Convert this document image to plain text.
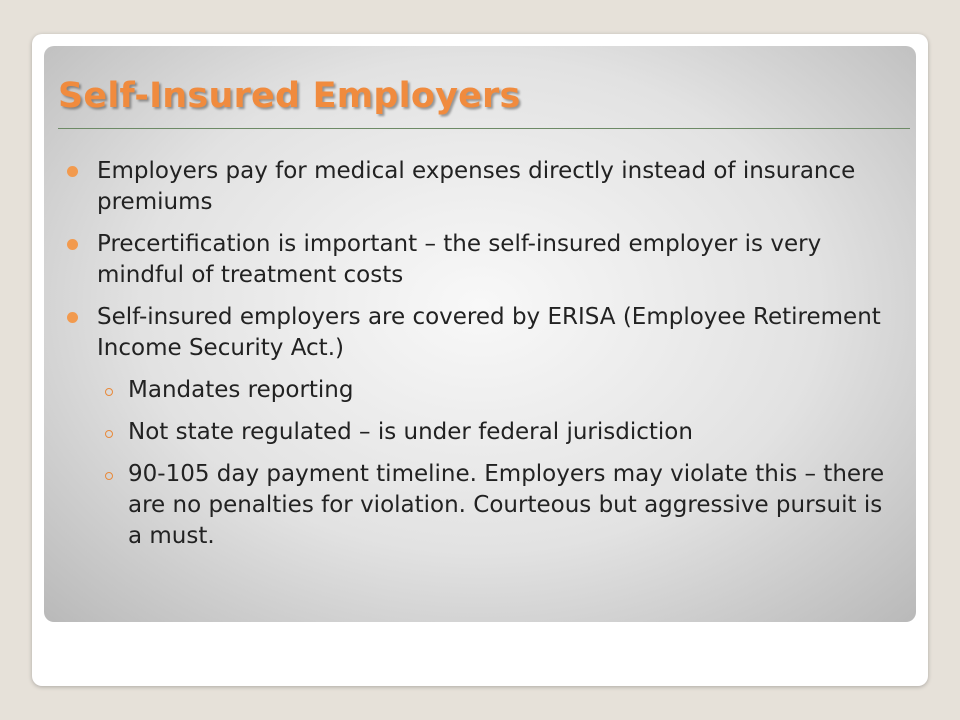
Self-Insured Employers
Employers pay for medical expenses directly instead of insurance premiums
Precertification is important – the self-insured employer is very mindful of treatment costs
Self-insured employers are covered by ERISA (Employee Retirement Income Security Act.)
Mandates reporting
Not state regulated – is under federal jurisdiction
90-105 day payment timeline. Employers may violate this – there are no penalties for violation. Courteous but aggressive pursuit is a must.
